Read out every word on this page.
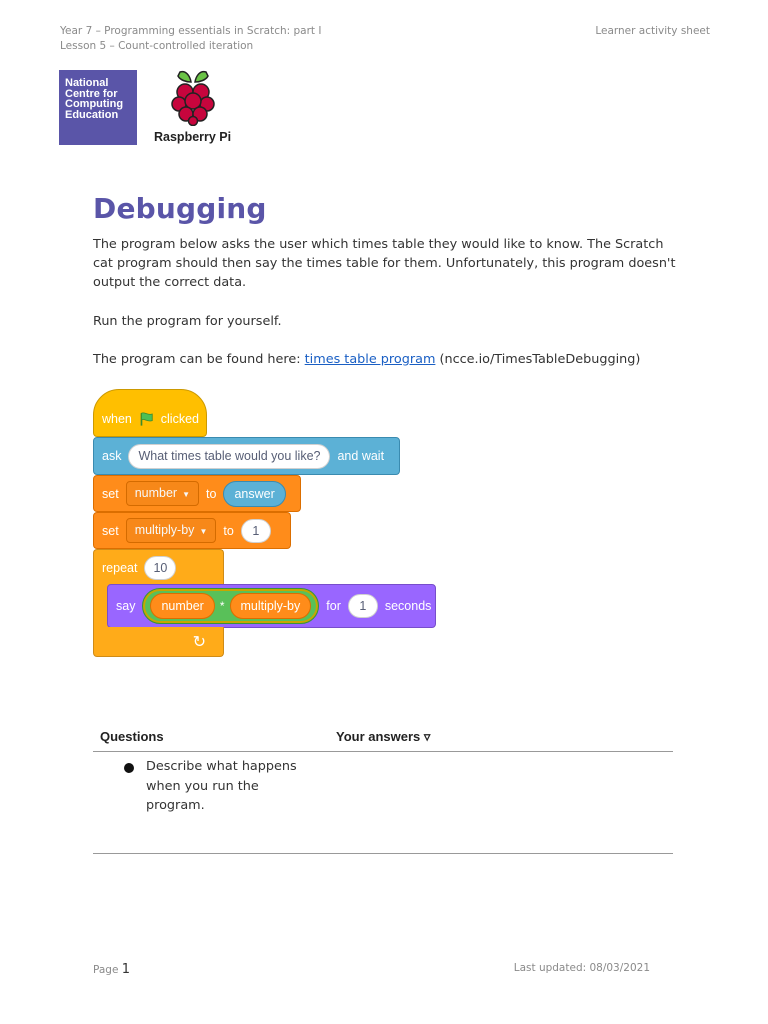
Year 7 – Programming essentials in Scratch: part I
Lesson 5 – Count-controlled iteration
Learner activity sheet
National
Centre for
Computing
Education
Raspberry Pi
Debugging

The program below asks the user which times table they would like to know. The Scratch cat program should then say the times table for them. Unfortunately, this program doesn't output the correct data.

Run the program for yourself.

The program can be found here: times table program (ncce.io/TimesTableDebugging)

when clicked
ask	What times table would you like?	and wait
set	number ▼	to	answer
set	multiply-by ▼	to	1
repeat	10
say	number	*	multiply-by	for	1	seconds
↻
Questions	Your answers ▿
Describe what happens when you run the program.
Page 1	Last updated: 08/03/2021
